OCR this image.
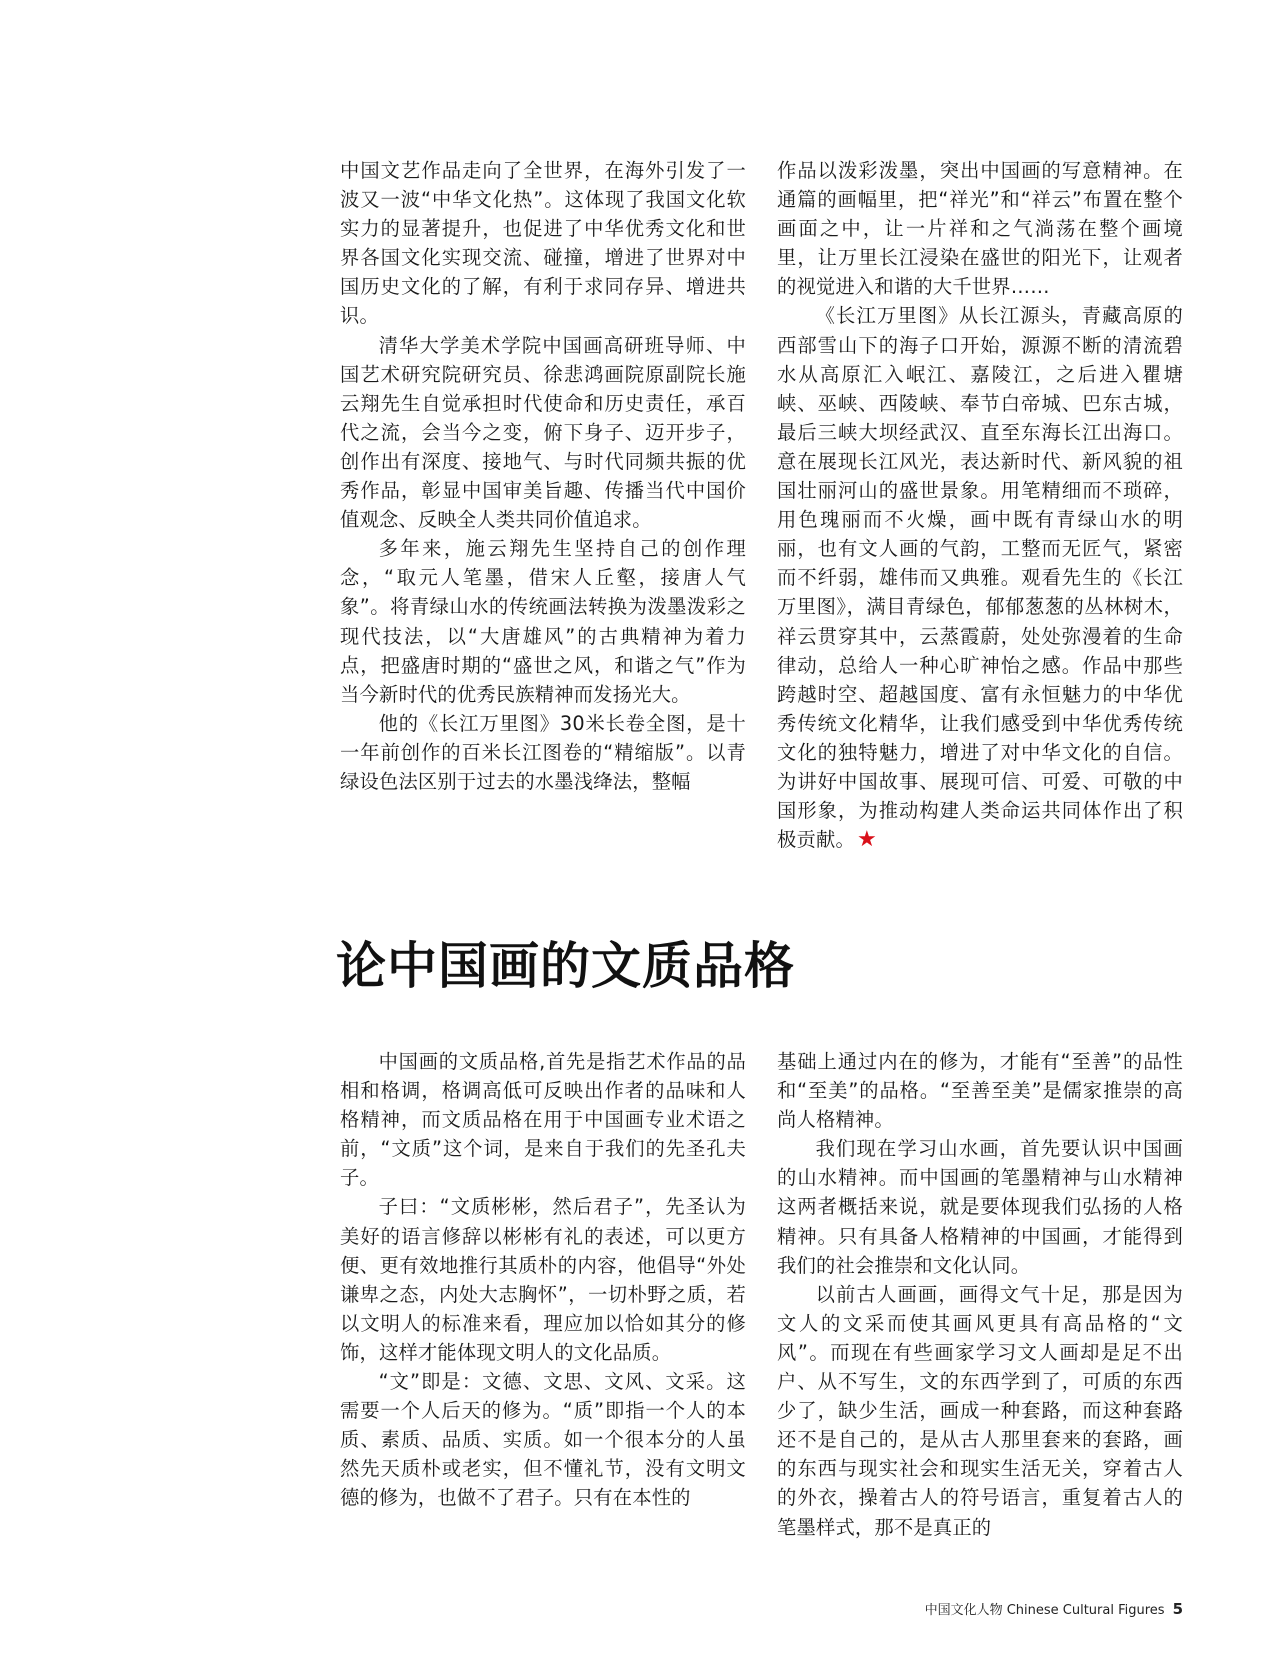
中国文艺作品走向了全世界，在海外引发了一波又一波“中华文化热”。这体现了我国文化软实力的显著提升，也促进了中华优秀文化和世界各国文化实现交流、碰撞，增进了世界对中国历史文化的了解，有利于求同存异、增进共识。

清华大学美术学院中国画高研班导师、中国艺术研究院研究员、徐悲鸿画院原副院长施云翔先生自觉承担时代使命和历史责任，承百代之流，会当今之变，俯下身子、迈开步子，创作出有深度、接地气、与时代同频共振的优秀作品，彰显中国审美旨趣、传播当代中国价值观念、反映全人类共同价值追求。

多年来，施云翔先生坚持自己的创作理念，“取元人笔墨，借宋人丘壑，接唐人气象”。将青绿山水的传统画法转换为泼墨泼彩之现代技法，以“大唐雄风”的古典精神为着力点，把盛唐时期的“盛世之风，和谐之气”作为当今新时代的优秀民族精神而发扬光大。

他的《长江万里图》30米长卷全图，是十一年前创作的百米长江图卷的“精缩版”。以青绿设色法区别于过去的水墨浅绛法，整幅

作品以泼彩泼墨，突出中国画的写意精神。在通篇的画幅里，把“祥光”和“祥云”布置在整个画面之中，让一片祥和之气淌荡在整个画境里，让万里长江浸染在盛世的阳光下，让观者的视觉进入和谐的大千世界……

《长江万里图》从长江源头，青藏高原的西部雪山下的海子口开始，源源不断的清流碧水从高原汇入岷江、嘉陵江，之后进入瞿塘峡、巫峡、西陵峡、奉节白帝城、巴东古城，最后三峡大坝经武汉、直至东海长江出海口。意在展现长江风光，表达新时代、新风貌的祖国壮丽河山的盛世景象。用笔精细而不琐碎，用色瑰丽而不火燥，画中既有青绿山水的明丽，也有文人画的气韵，工整而无匠气，紧密而不纤弱，雄伟而又典雅。观看先生的《长江万里图》，满目青绿色，郁郁葱葱的丛林树木，祥云贯穿其中，云蒸霞蔚，处处弥漫着的生命律动，总给人一种心旷神怡之感。作品中那些跨越时空、超越国度、富有永恒魅力的中华优秀传统文化精华，让我们感受到中华优秀传统文化的独特魅力，增进了对中华文化的自信。为讲好中国故事、展现可信、可爱、可敬的中国形象，为推动构建人类命运共同体作出了积极贡献。★

论中国画的文质品格

中国画的文质品格,首先是指艺术作品的品相和格调，格调高低可反映出作者的品味和人格精神，而文质品格在用于中国画专业术语之前，“文质”这个词，是来自于我们的先圣孔夫子。

子曰：“文质彬彬，然后君子”，先圣认为美好的语言修辞以彬彬有礼的表述，可以更方便、更有效地推行其质朴的内容，他倡导“外处谦卑之态，内处大志胸怀”，一切朴野之质，若以文明人的标准来看，理应加以恰如其分的修饰，这样才能体现文明人的文化品质。

“文”即是：文德、文思、文风、文采。这需要一个人后天的修为。“质”即指一个人的本质、素质、品质、实质。如一个很本分的人虽然先天质朴或老实，但不懂礼节，没有文明文德的修为，也做不了君子。只有在本性的

基础上通过内在的修为，才能有“至善”的品性和“至美”的品格。“至善至美”是儒家推崇的高尚人格精神。

我们现在学习山水画，首先要认识中国画的山水精神。而中国画的笔墨精神与山水精神这两者概括来说，就是要体现我们弘扬的人格精神。只有具备人格精神的中国画，才能得到我们的社会推崇和文化认同。

以前古人画画，画得文气十足，那是因为文人的文采而使其画风更具有高品格的“文风”。而现在有些画家学习文人画却是足不出户、从不写生，文的东西学到了，可质的东西少了，缺少生活，画成一种套路，而这种套路还不是自己的，是从古人那里套来的套路，画的东西与现实社会和现实生活无关，穿着古人的外衣，操着古人的符号语言，重复着古人的笔墨样式，那不是真正的

中国文化人物 Chinese Cultural Figures 5
